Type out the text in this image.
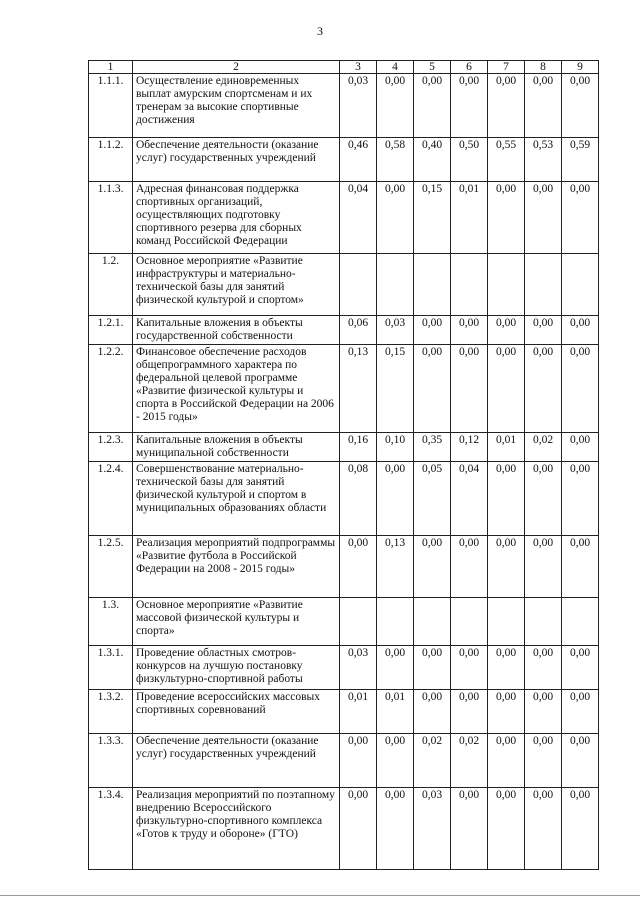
3
1	2	3	4	5	6	7	8	9
1.1.1.	Осуществление единовременных выплат амурским спортсменам и их тренерам за высокие спортивные достижения	0,03	0,00	0,00	0,00	0,00	0,00	0,00
1.1.2.	Обеспечение деятельности (оказание услуг) государственных учреждений	0,46	0,58	0,40	0,50	0,55	0,53	0,59
1.1.3.	Адресная финансовая поддержка спортивных организаций, осуществляющих подготовку спортивного резерва для сборных команд Российской Федерации	0,04	0,00	0,15	0,01	0,00	0,00	0,00
1.2.	Основное мероприятие «Развитие инфраструктуры и материально-технической базы для занятий физической культурой и спортом»							
1.2.1.	Капитальные вложения в объекты государственной собственности	0,06	0,03	0,00	0,00	0,00	0,00	0,00
1.2.2.	Финансовое обеспечение расходов общепрограммного характера по федеральной целевой программе «Развитие физической культуры и спорта в Российской Федерации на 2006 - 2015 годы»	0,13	0,15	0,00	0,00	0,00	0,00	0,00
1.2.3.	Капитальные вложения в объекты муниципальной собственности	0,16	0,10	0,35	0,12	0,01	0,02	0,00
1.2.4.	Совершенствование материально-технической базы для занятий физической культурой и спортом в муниципальных образованиях области	0,08	0,00	0,05	0,04	0,00	0,00	0,00
1.2.5.	Реализация мероприятий подпрограммы «Развитие футбола в Российской Федерации на 2008 - 2015 годы»	0,00	0,13	0,00	0,00	0,00	0,00	0,00
1.3.	Основное мероприятие «Развитие массовой физической культуры и спорта»							
1.3.1.	Проведение областных смотров-конкурсов на лучшую постановку физкультурно-спортивной работы	0,03	0,00	0,00	0,00	0,00	0,00	0,00
1.3.2.	Проведение всероссийских массовых спортивных соревнований	0,01	0,01	0,00	0,00	0,00	0,00	0,00
1.3.3.	Обеспечение деятельности (оказание услуг) государственных учреждений	0,00	0,00	0,02	0,02	0,00	0,00	0,00
1.3.4.	Реализация мероприятий по поэтапному внедрению Всероссийского физкультурно-спортивного комплекса «Готов к труду и обороне» (ГТО)	0,00	0,00	0,03	0,00	0,00	0,00	0,00
